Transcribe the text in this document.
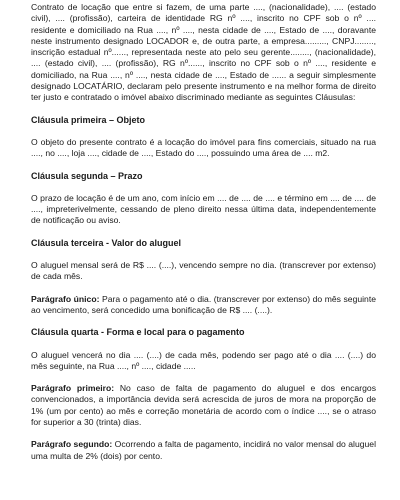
Contrato de locação que entre si fazem, de uma parte ...., (nacionalidade), .... (estado civil), .... (profissão), carteira de identidade RG nº ...., inscrito no CPF sob o nº .... residente e domiciliado na Rua ...., nº ...., nesta cidade de ...., Estado de ...., doravante neste instrumento designado LOCADOR e, de outra parte, a empresa........., CNPJ........, inscrição estadual nº......, representada neste ato pelo seu gerente........, (nacionalidade), .... (estado civil), .... (profissão), RG nº......, inscrito no CPF sob o nº ...., residente e domiciliado, na Rua ...., nº ...., nesta cidade de ...., Estado de ...... a seguir simplesmente designado LOCATÁRIO, declaram pelo presente instrumento e na melhor forma de direito ter justo e contratado o imóvel abaixo discriminado mediante as seguintes Cláusulas:

Cláusula primeira – Objeto

O objeto do presente contrato é a locação do imóvel para fins comerciais, situado na rua ...., no ...., loja ...., cidade de ...., Estado do ...., possuindo uma área de .... m2.

Cláusula segunda – Prazo

O prazo de locação é de um ano, com início em .... de .... de .... e término em .... de .... de ...., impreterivelmente, cessando de pleno direito nessa última data, independentemente de notificação ou aviso.

Cláusula terceira - Valor do aluguel

O aluguel mensal será de R$ .... (....), vencendo sempre no dia. (transcrever por extenso) de cada mês.

Parágrafo único: Para o pagamento até o dia. (transcrever por extenso) do mês seguinte ao vencimento, será concedido uma bonificação de R$ .... (....).

Cláusula quarta - Forma e local para o pagamento

O aluguel vencerá no dia .... (....) de cada mês, podendo ser pago até o dia .... (....) do mês seguinte, na Rua ...., nº ...., cidade .....

Parágrafo primeiro: No caso de falta de pagamento do aluguel e dos encargos convencionados, a importância devida será acrescida de juros de mora na proporção de 1% (um por cento) ao mês e correção monetária de acordo com o índice ...., se o atraso for superior a 30 (trinta) dias.

Parágrafo segundo: Ocorrendo a falta de pagamento, incidirá no valor mensal do aluguel uma multa de 2% (dois) por cento.
